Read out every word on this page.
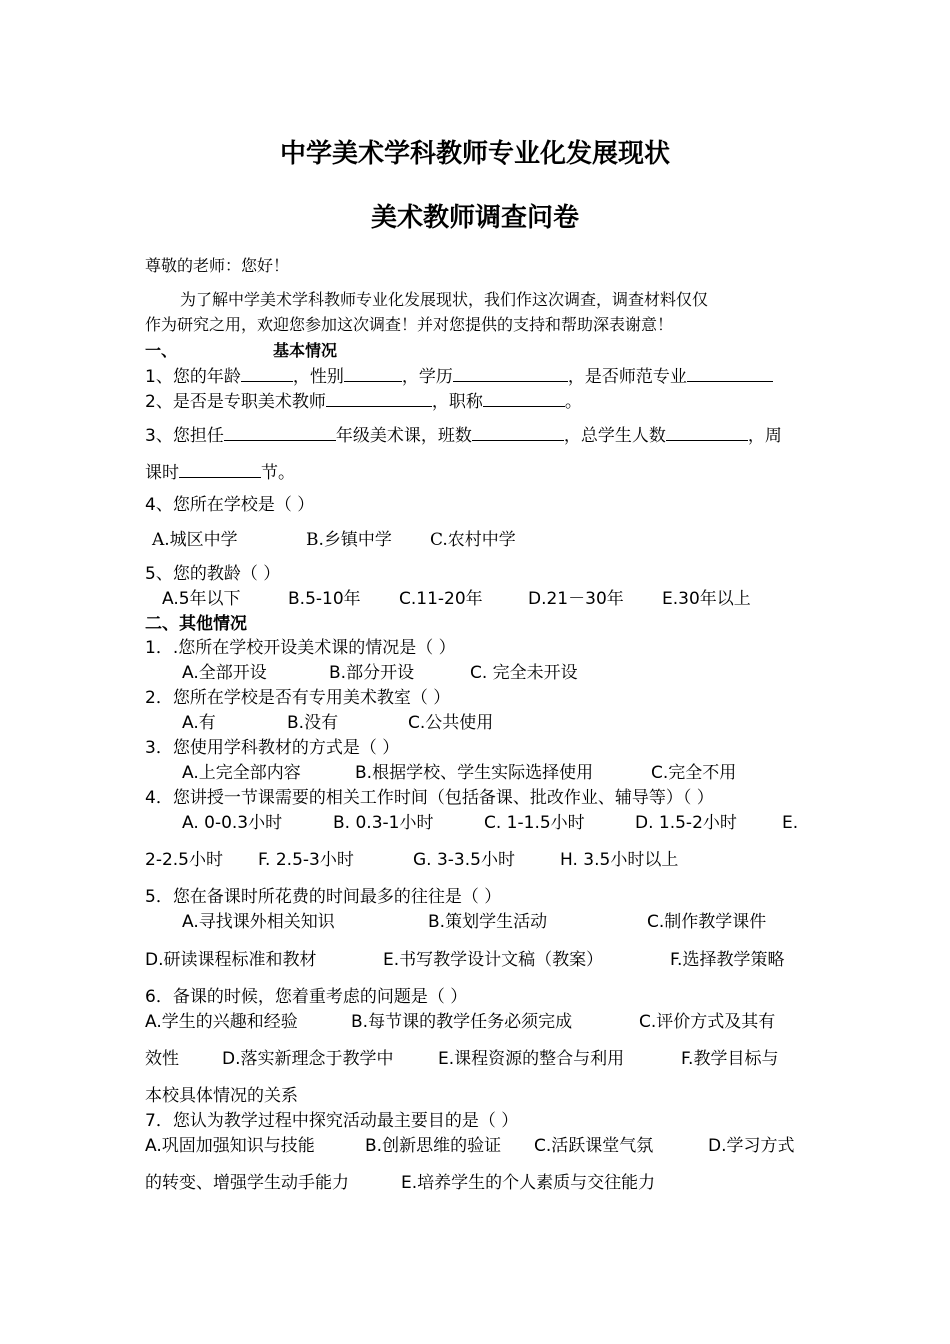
中学美术学科教师专业化发展现状
美术教师调查问卷
尊敬的老师：您好！
为了解中学美术学科教师专业化发展现状，我们作这次调查，调查材料仅仅
作为研究之用，欢迎您参加这次调查！并对您提供的支持和帮助深表谢意！
一、	基本情况
1、您的年龄	，性别	，学历	，是否师范专业
2、是否是专职美术教师	，职称	。
3、您担任	年级美术课，班数	，总学生人数	，周
课时	节。
4、您所在学校是（ ）
A.城区中学	B.乡镇中学 C.农村中学
5、您的教龄（ ）
A.5年以下	B.5-10年 C.11-20年	D.21－30年 E.30年以上
二、其他情况
1．.您所在学校开设美术课的情况是（ ）
A.全部开设	B.部分开设	C. 完全未开设
2．您所在学校是否有专用美术教室（ ）
A.有	B.没有	C.公共使用
3．您使用学科教材的方式是（ ）
A.上完全部内容	B.根据学校、学生实际选择使用	C.完全不用
4．您讲授一节课需要的相关工作时间（包括备课、批改作业、辅导等）（ ）
A. 0-0.3小时	B. 0.3-1小时	C. 1-1.5小时	D. 1.5-2小时	E.
2-2.5小时 F. 2.5-3小时	G. 3-3.5小时	H. 3.5小时以上
5．您在备课时所花费的时间最多的往往是（ ）
A.寻找课外相关知识	B.策划学生活动	C.制作教学课件
D.研读课程标准和教材	E.书写教学设计文稿（教案）	F.选择教学策略
6．备课的时候，您着重考虑的问题是（ ）
A.学生的兴趣和经验	B.每节课的教学任务必须完成	C.评价方式及其有
效性	D.落实新理念于教学中	E.课程资源的整合与利用	F.教学目标与
本校具体情况的关系
7．您认为教学过程中探究活动最主要目的是（ ）
A.巩固加强知识与技能	B.创新思维的验证 C.活跃课堂气氛	D.学习方式
的转变、增强学生动手能力	E.培养学生的个人素质与交往能力
